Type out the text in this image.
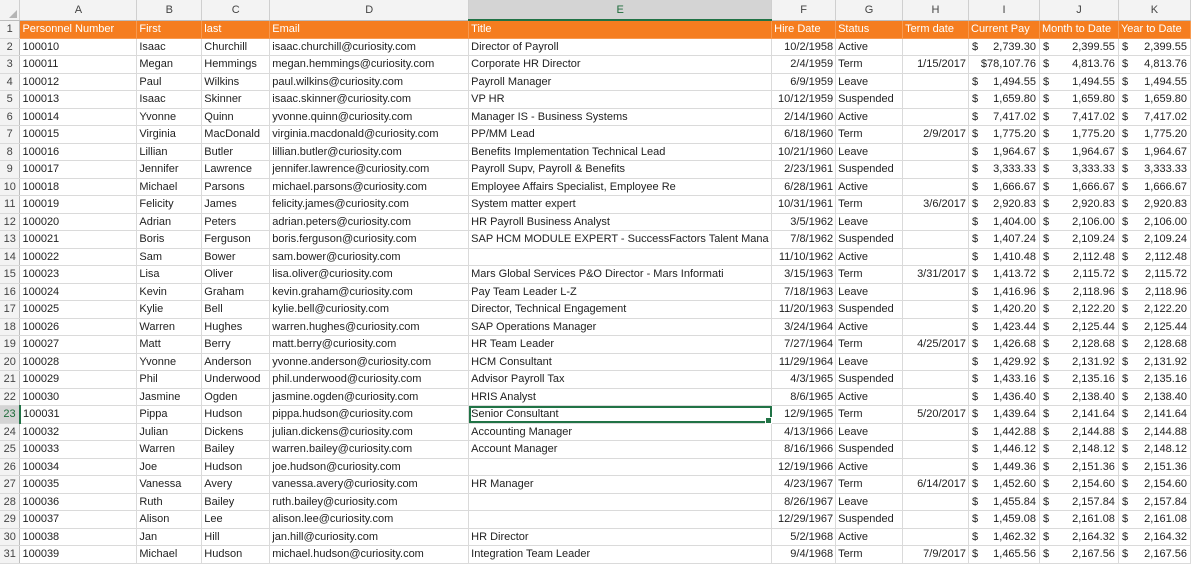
	A	B	C	D	E	F	G	H	I	J	K
1	Personnel Number	First	last	Email	Title	Hire Date	Status	Term date	Current Pay	Month to Date	Year to Date
2	100010	Isaac	Churchill	isaac.churchill@curiosity.com	Director of Payroll	10/2/1958	Active		$ 2,739.30	$ 2,399.55	$ 2,399.55

3	100011	Megan	Hemmings	megan.hemmings@curiosity.com	Corporate HR Director	2/4/1959	Term	1/15/2017	$78,107.76	$ 4,813.76	$ 4,813.76

4	100012	Paul	Wilkins	paul.wilkins@curiosity.com	Payroll Manager	6/9/1959	Leave		$ 1,494.55	$ 1,494.55	$ 1,494.55

5	100013	Isaac	Skinner	isaac.skinner@curiosity.com	VP HR	10/12/1959	Suspended		$ 1,659.80	$ 1,659.80	$ 1,659.80

6	100014	Yvonne	Quinn	yvonne.quinn@curiosity.com	Manager IS - Business Systems	2/14/1960	Active		$ 7,417.02	$ 7,417.02	$ 7,417.02

7	100015	Virginia	MacDonald	virginia.macdonald@curiosity.com	PP/MM Lead	6/18/1960	Term	2/9/2017	$ 1,775.20	$ 1,775.20	$ 1,775.20

8	100016	Lillian	Butler	lillian.butler@curiosity.com	Benefits Implementation Technical Lead	10/21/1960	Leave		$ 1,964.67	$ 1,964.67	$ 1,964.67

9	100017	Jennifer	Lawrence	jennifer.lawrence@curiosity.com	Payroll Supv, Payroll & Benefits	2/23/1961	Suspended		$ 3,333.33	$ 3,333.33	$ 3,333.33

10	100018	Michael	Parsons	michael.parsons@curiosity.com	Employee Affairs Specialist, Employee Re	6/28/1961	Active		$ 1,666.67	$ 1,666.67	$ 1,666.67

11	100019	Felicity	James	felicity.james@curiosity.com	System matter expert	10/31/1961	Term	3/6/2017	$ 2,920.83	$ 2,920.83	$ 2,920.83

12	100020	Adrian	Peters	adrian.peters@curiosity.com	HR Payroll Business Analyst	3/5/1962	Leave		$ 1,404.00	$ 2,106.00	$ 2,106.00

13	100021	Boris	Ferguson	boris.ferguson@curiosity.com	SAP HCM MODULE EXPERT - SuccessFactors Talent Mana	7/8/1962	Suspended		$ 1,407.24	$ 2,109.24	$ 2,109.24

14	100022	Sam	Bower	sam.bower@curiosity.com		11/10/1962	Active		$ 1,410.48	$ 2,112.48	$ 2,112.48

15	100023	Lisa	Oliver	lisa.oliver@curiosity.com	Mars Global Services P&O Director - Mars Informati	3/15/1963	Term	3/31/2017	$ 1,413.72	$ 2,115.72	$ 2,115.72

16	100024	Kevin	Graham	kevin.graham@curiosity.com	Pay Team Leader L-Z	7/18/1963	Leave		$ 1,416.96	$ 2,118.96	$ 2,118.96

17	100025	Kylie	Bell	kylie.bell@curiosity.com	Director, Technical Engagement	11/20/1963	Suspended		$ 1,420.20	$ 2,122.20	$ 2,122.20

18	100026	Warren	Hughes	warren.hughes@curiosity.com	SAP Operations Manager	3/24/1964	Active		$ 1,423.44	$ 2,125.44	$ 2,125.44

19	100027	Matt	Berry	matt.berry@curiosity.com	HR Team Leader	7/27/1964	Term	4/25/2017	$ 1,426.68	$ 2,128.68	$ 2,128.68

20	100028	Yvonne	Anderson	yvonne.anderson@curiosity.com	HCM Consultant	11/29/1964	Leave		$ 1,429.92	$ 2,131.92	$ 2,131.92

21	100029	Phil	Underwood	phil.underwood@curiosity.com	Advisor Payroll Tax	4/3/1965	Suspended		$ 1,433.16	$ 2,135.16	$ 2,135.16

22	100030	Jasmine	Ogden	jasmine.ogden@curiosity.com	HRIS Analyst	8/6/1965	Active		$ 1,436.40	$ 2,138.40	$ 2,138.40

23	100031	Pippa	Hudson	pippa.hudson@curiosity.com	Senior Consultant	12/9/1965	Term	5/20/2017	$ 1,439.64	$ 2,141.64	$ 2,141.64

24	100032	Julian	Dickens	julian.dickens@curiosity.com	Accounting Manager	4/13/1966	Leave		$ 1,442.88	$ 2,144.88	$ 2,144.88

25	100033	Warren	Bailey	warren.bailey@curiosity.com	Account Manager	8/16/1966	Suspended		$ 1,446.12	$ 2,148.12	$ 2,148.12

26	100034	Joe	Hudson	joe.hudson@curiosity.com		12/19/1966	Active		$ 1,449.36	$ 2,151.36	$ 2,151.36

27	100035	Vanessa	Avery	vanessa.avery@curiosity.com	HR Manager	4/23/1967	Term	6/14/2017	$ 1,452.60	$ 2,154.60	$ 2,154.60

28	100036	Ruth	Bailey	ruth.bailey@curiosity.com		8/26/1967	Leave		$ 1,455.84	$ 2,157.84	$ 2,157.84

29	100037	Alison	Lee	alison.lee@curiosity.com		12/29/1967	Suspended		$ 1,459.08	$ 2,161.08	$ 2,161.08

30	100038	Jan	Hill	jan.hill@curiosity.com	HR Director	5/2/1968	Active		$ 1,462.32	$ 2,164.32	$ 2,164.32

31	100039	Michael	Hudson	michael.hudson@curiosity.com	Integration Team Leader	9/4/1968	Term	7/9/2017	$ 1,465.56	$ 2,167.56	$ 2,167.56
